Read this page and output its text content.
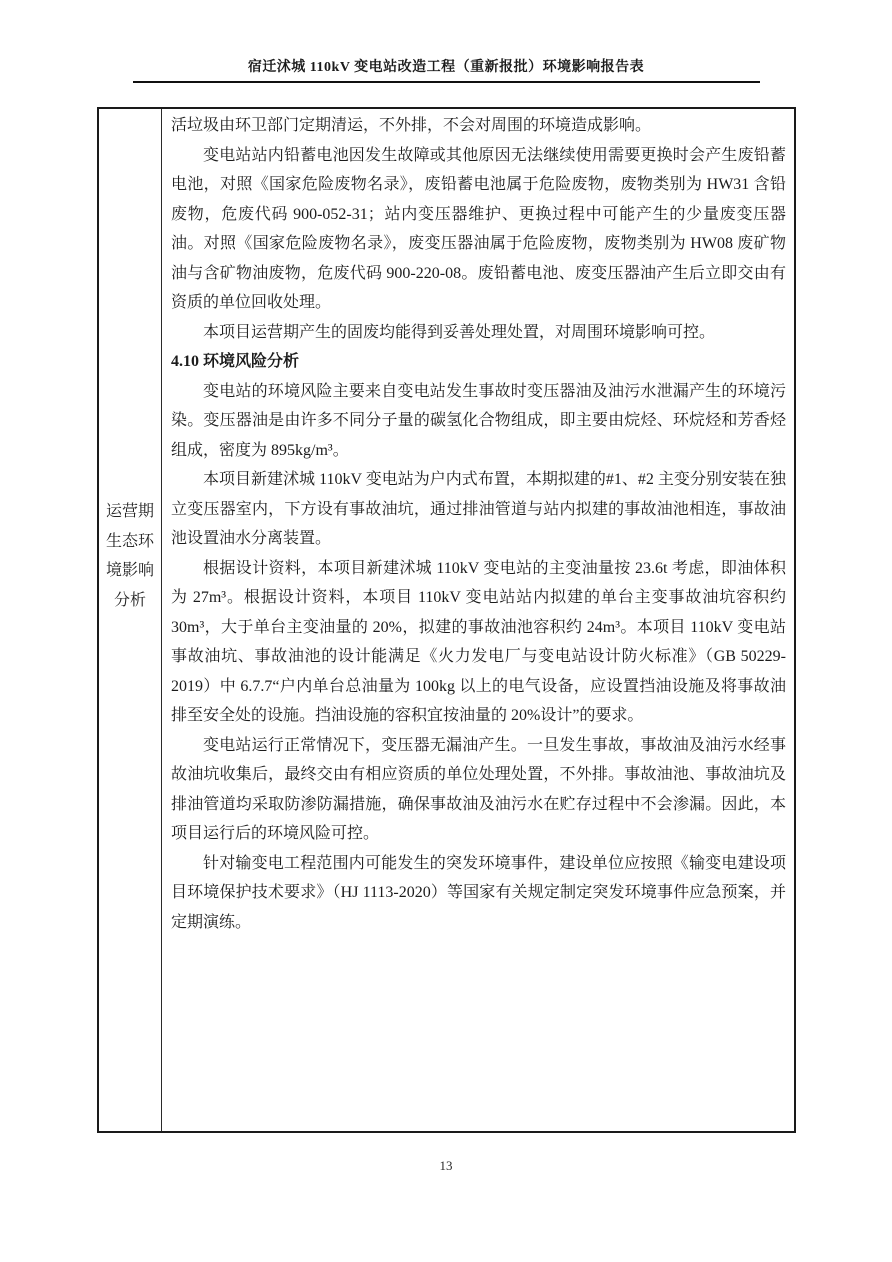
宿迁沭城 110kV 变电站改造工程（重新报批）环境影响报告表
运营期
生态环
境影响
分析

活垃圾由环卫部门定期清运，不外排，不会对周围的环境造成影响。

变电站站内铅蓄电池因发生故障或其他原因无法继续使用需要更换时会产生废铅蓄电池，对照《国家危险废物名录》，废铅蓄电池属于危险废物，废物类别为 HW31 含铅废物，危废代码 900-052-31；站内变压器维护、更换过程中可能产生的少量废变压器油。对照《国家危险废物名录》，废变压器油属于危险废物，废物类别为 HW08 废矿物油与含矿物油废物，危废代码 900-220-08。废铅蓄电池、废变压器油产生后立即交由有资质的单位回收处理。

本项目运营期产生的固废均能得到妥善处理处置，对周围环境影响可控。

4.10 环境风险分析

变电站的环境风险主要来自变电站发生事故时变压器油及油污水泄漏产生的环境污染。变压器油是由许多不同分子量的碳氢化合物组成，即主要由烷烃、环烷烃和芳香烃组成，密度为 895kg/m³。

本项目新建沭城 110kV 变电站为户内式布置，本期拟建的#1、#2 主变分别安装在独立变压器室内，下方设有事故油坑，通过排油管道与站内拟建的事故油池相连，事故油池设置油水分离装置。

根据设计资料，本项目新建沭城 110kV 变电站的主变油量按 23.6t 考虑，即油体积为 27m³。根据设计资料，本项目 110kV 变电站站内拟建的单台主变事故油坑容积约 30m³，大于单台主变油量的 20%，拟建的事故油池容积约 24m³。本项目 110kV 变电站事故油坑、事故油池的设计能满足《火力发电厂与变电站设计防火标准》（GB 50229-2019）中 6.7.7“户内单台总油量为 100kg 以上的电气设备，应设置挡油设施及将事故油排至安全处的设施。挡油设施的容积宜按油量的 20%设计”的要求。

变电站运行正常情况下，变压器无漏油产生。一旦发生事故，事故油及油污水经事故油坑收集后，最终交由有相应资质的单位处理处置，不外排。事故油池、事故油坑及排油管道均采取防渗防漏措施，确保事故油及油污水在贮存过程中不会渗漏。因此，本项目运行后的环境风险可控。

针对输变电工程范围内可能发生的突发环境事件，建设单位应按照《输变电建设项目环境保护技术要求》（HJ 1113-2020）等国家有关规定制定突发环境事件应急预案，并定期演练。

13
